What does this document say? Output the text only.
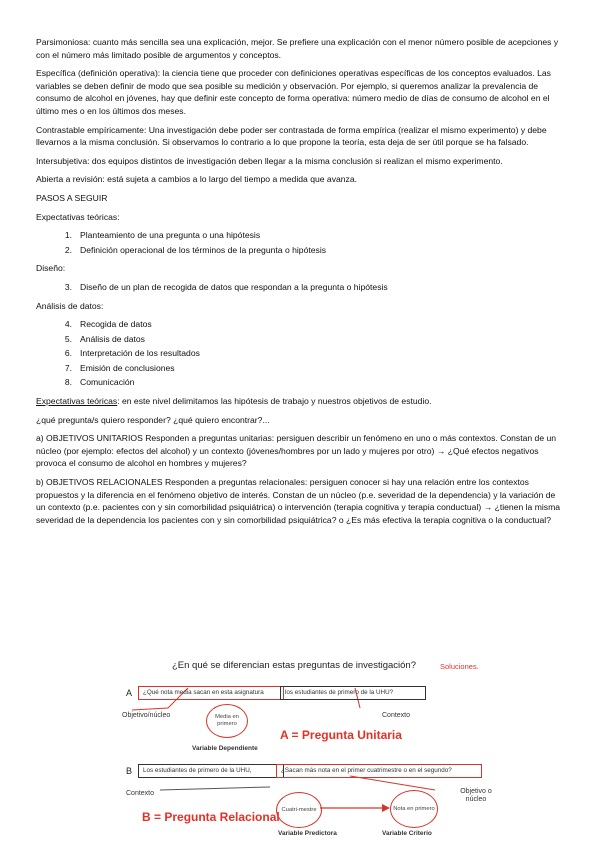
Parsimoniosa: cuanto más sencilla sea una explicación, mejor. Se prefiere una explicación con el menor número posible de acepciones y con el número más limitado posible de argumentos y conceptos.

Específica (definición operativa): la ciencia tiene que proceder con definiciones operativas específicas de los conceptos evaluados. Las variables se deben definir de modo que sea posible su medición y observación. Por ejemplo, si queremos analizar la prevalencia de consumo de alcohol en jóvenes, hay que definir este concepto de forma operativa: número medio de días de consumo de alcohol en el último mes o en los últimos dos meses.

Contrastable empíricamente: Una investigación debe poder ser contrastada de forma empírica (realizar el mismo experimento) y debe llevarnos a la misma conclusión. Si observamos lo contrario a lo que propone la teoría, esta deja de ser útil porque se ha falsado.

Intersubjetiva: dos equipos distintos de investigación deben llegar a la misma conclusión si realizan el mismo experimento.

Abierta a revisión: está sujeta a cambios a lo largo del tiempo a medida que avanza.

PASOS A SEGUIR

Expectativas teóricas:

1. Planteamiento de una pregunta o una hipótesis
2. Definición operacional de los términos de la pregunta o hipótesis

Diseño:

3. Diseño de un plan de recogida de datos que respondan a la pregunta o hipótesis

Análisis de datos:

4. Recogida de datos
5. Análisis de datos
6. Interpretación de los resultados
7. Emisión de conclusiones
8. Comunicación

Expectativas teóricas: en este nivel delimitamos las hipótesis de trabajo y nuestros objetivos de estudio.

¿qué pregunta/s quiero responder? ¿qué quiero encontrar?...

a) OBJETIVOS UNITARIOS Responden a preguntas unitarias: persiguen describir un fenómeno en uno o más contextos. Constan de un núcleo (por ejemplo: efectos del alcohol) y un contexto (jóvenes/hombres por un lado y mujeres por otro) → ¿Qué efectos negativos provoca el consumo de alcohol en hombres y mujeres?

b) OBJETIVOS RELACIONALES Responden a preguntas relacionales: persiguen conocer si hay una relación entre los contextos propuestos y la diferencia en el fenómeno objetivo de interés. Constan de un núcleo (p.e. severidad de la dependencia) y la variación de un contexto (p.e. pacientes con y sin comorbilidad psiquiátrica) o intervención (terapia cognitiva y terapia conductual) → ¿tienen la misma severidad de la dependencia los pacientes con y sin comorbilidad psiquiátrica? o ¿Es más efectiva la terapia cognitiva o la conductual?

¿En qué se diferencian estas preguntas de investigación?	Soluciones.
A	¿Qué nota media sacan en esta asignatura	los estudiantes de primero de la UHU?
Objetivo/núcleo	Media en primero
Contexto
Variable Dependiente
A = Pregunta Unitaria
B	Los estudiantes de primero de la UHU,	¿Sacan más nota en el primer cuatrimestre o en el segundo?
Contexto	Objetivo o núcleo
Cuatri-mestre	Nota en primero
B = Pregunta Relacional
Variable Predictora	Variable Criterio
